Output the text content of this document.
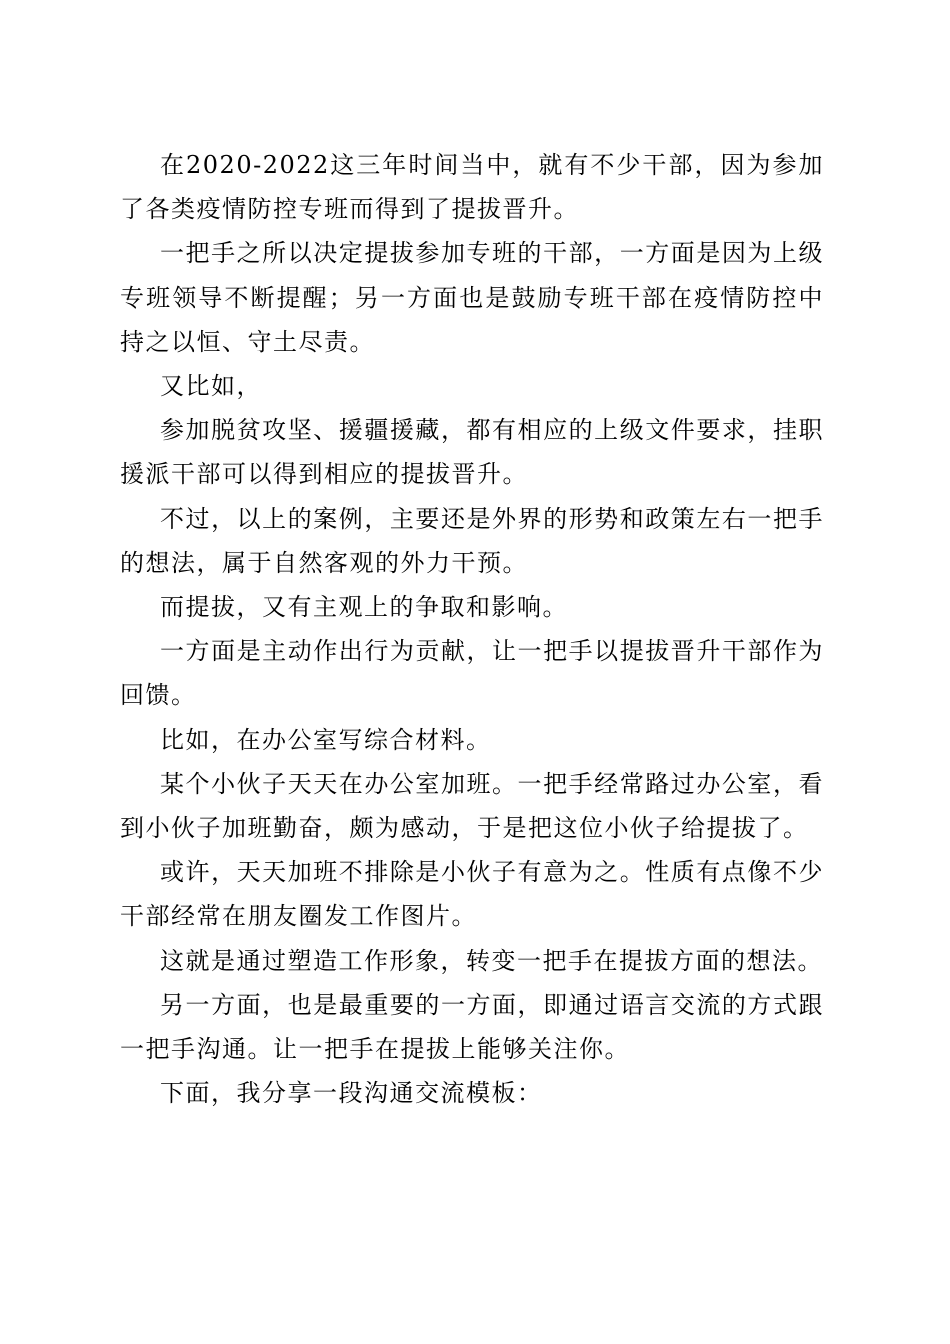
在2020-2022这三年时间当中，就有不少干部，因为参加了各类疫情防控专班而得到了提拔晋升。

一把手之所以决定提拔参加专班的干部，一方面是因为上级专班领导不断提醒；另一方面也是鼓励专班干部在疫情防控中持之以恒、守土尽责。

又比如，

参加脱贫攻坚、援疆援藏，都有相应的上级文件要求，挂职援派干部可以得到相应的提拔晋升。

不过，以上的案例，主要还是外界的形势和政策左右一把手的想法，属于自然客观的外力干预。

而提拔，又有主观上的争取和影响。

一方面是主动作出行为贡献，让一把手以提拔晋升干部作为回馈。

比如，在办公室写综合材料。

某个小伙子天天在办公室加班。一把手经常路过办公室，看到小伙子加班勤奋，颇为感动，于是把这位小伙子给提拔了。

或许，天天加班不排除是小伙子有意为之。性质有点像不少干部经常在朋友圈发工作图片。

这就是通过塑造工作形象，转变一把手在提拔方面的想法。

另一方面，也是最重要的一方面，即通过语言交流的方式跟一把手沟通。让一把手在提拔上能够关注你。

下面，我分享一段沟通交流模板：
